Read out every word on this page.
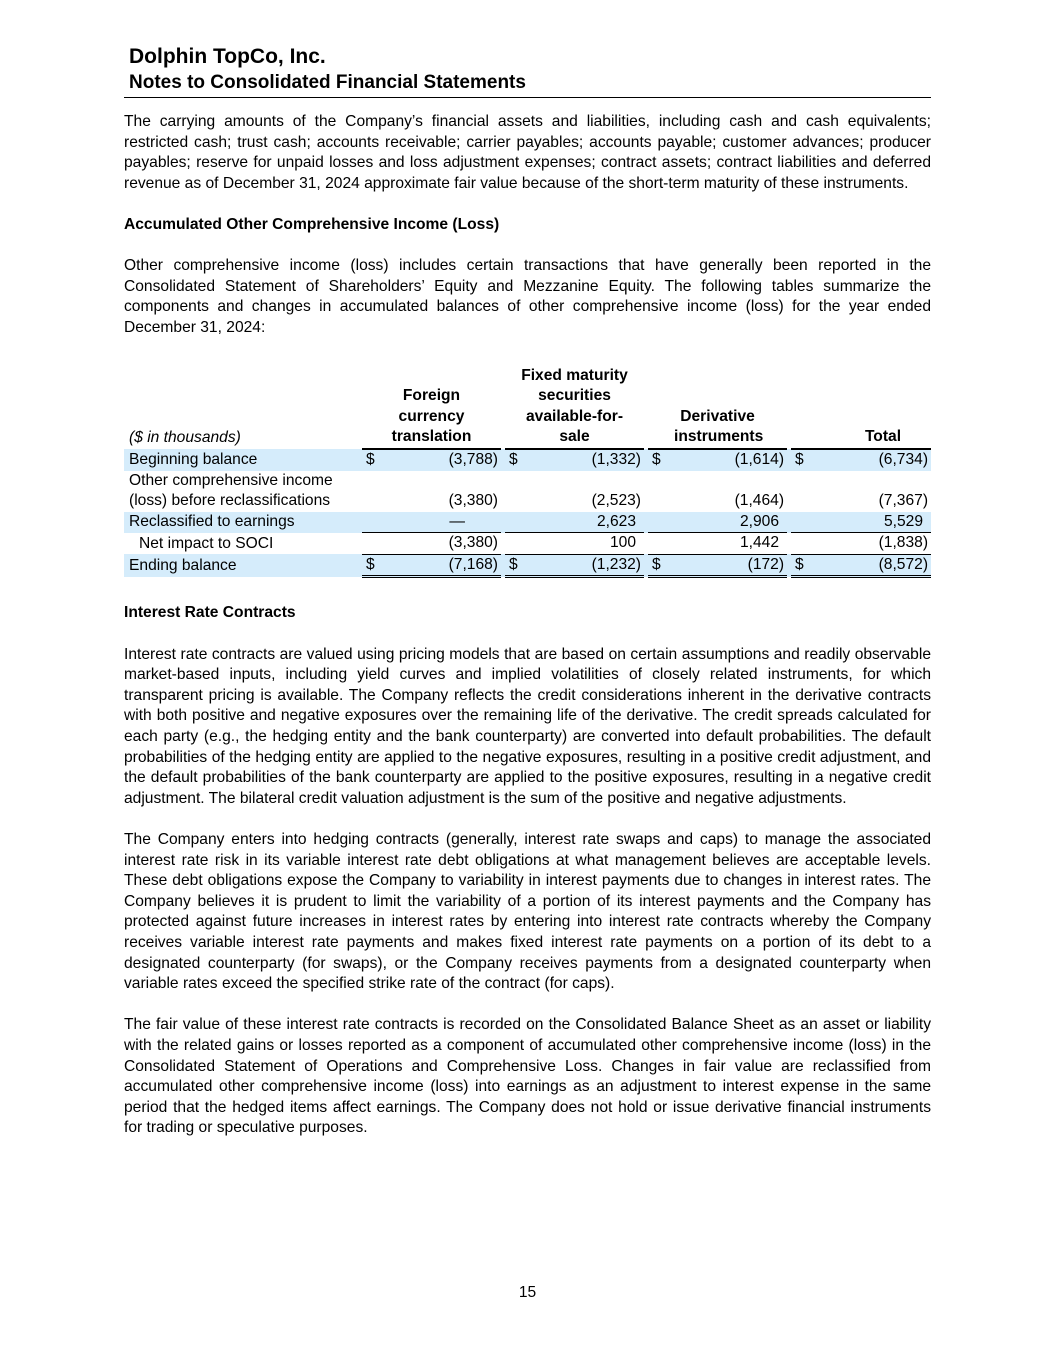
Dolphin TopCo, Inc.
Notes to Consolidated Financial Statements

The carrying amounts of the Company’s financial assets and liabilities, including cash and cash equivalents; restricted cash; trust cash; accounts receivable; carrier payables; accounts payable; customer advances; producer payables; reserve for unpaid losses and loss adjustment expenses; contract assets; contract liabilities and deferred revenue as of December 31, 2024 approximate fair value because of the short-term maturity of these instruments.

Accumulated Other Comprehensive Income (Loss)

Other comprehensive income (loss) includes certain transactions that have generally been reported in the Consolidated Statement of Shareholders’ Equity and Mezzanine Equity. The following tables summarize the components and changes in accumulated balances of other comprehensive income (loss) for the year ended December 31, 2024:

($ in thousands)	Foreign currency translation			Fixed maturity securities available-for-sale			Derivative instruments			Total	
Beginning balance	$	(3,788)		$	(1,332)		$	(1,614)		$	(6,734)
Other comprehensive income
(loss) before reclassifications		(3,380)			(2,523)			(1,464)			(7,367)
Reclassified to earnings		—			2,623			2,906			5,529
Net impact to SOCI		(3,380)			100			1,442			(1,838)
Ending balance	$	(7,168)		$	(1,232)		$	(172)		$	(8,572)

Interest Rate Contracts

Interest rate contracts are valued using pricing models that are based on certain assumptions and readily observable market-based inputs, including yield curves and implied volatilities of closely related instruments, for which transparent pricing is available. The Company reflects the credit considerations inherent in the derivative contracts with both positive and negative exposures over the remaining life of the derivative. The credit spreads calculated for each party (e.g., the hedging entity and the bank counterparty) are converted into default probabilities. The default probabilities of the hedging entity are applied to the negative exposures, resulting in a positive credit adjustment, and the default probabilities of the bank counterparty are applied to the positive exposures, resulting in a negative credit adjustment. The bilateral credit valuation adjustment is the sum of the positive and negative adjustments.

The Company enters into hedging contracts (generally, interest rate swaps and caps) to manage the associated interest rate risk in its variable interest rate debt obligations at what management believes are acceptable levels. These debt obligations expose the Company to variability in interest payments due to changes in interest rates. The Company believes it is prudent to limit the variability of a portion of its interest payments and the Company has protected against future increases in interest rates by entering into interest rate contracts whereby the Company receives variable interest rate payments and makes fixed interest rate payments on a portion of its debt to a designated counterparty (for swaps), or the Company receives payments from a designated counterparty when variable rates exceed the specified strike rate of the contract (for caps).

The fair value of these interest rate contracts is recorded on the Consolidated Balance Sheet as an asset or liability with the related gains or losses reported as a component of accumulated other comprehensive income (loss) in the Consolidated Statement of Operations and Comprehensive Loss. Changes in fair value are reclassified from accumulated other comprehensive income (loss) into earnings as an adjustment to interest expense in the same period that the hedged items affect earnings. The Company does not hold or issue derivative financial instruments for trading or speculative purposes.

15
